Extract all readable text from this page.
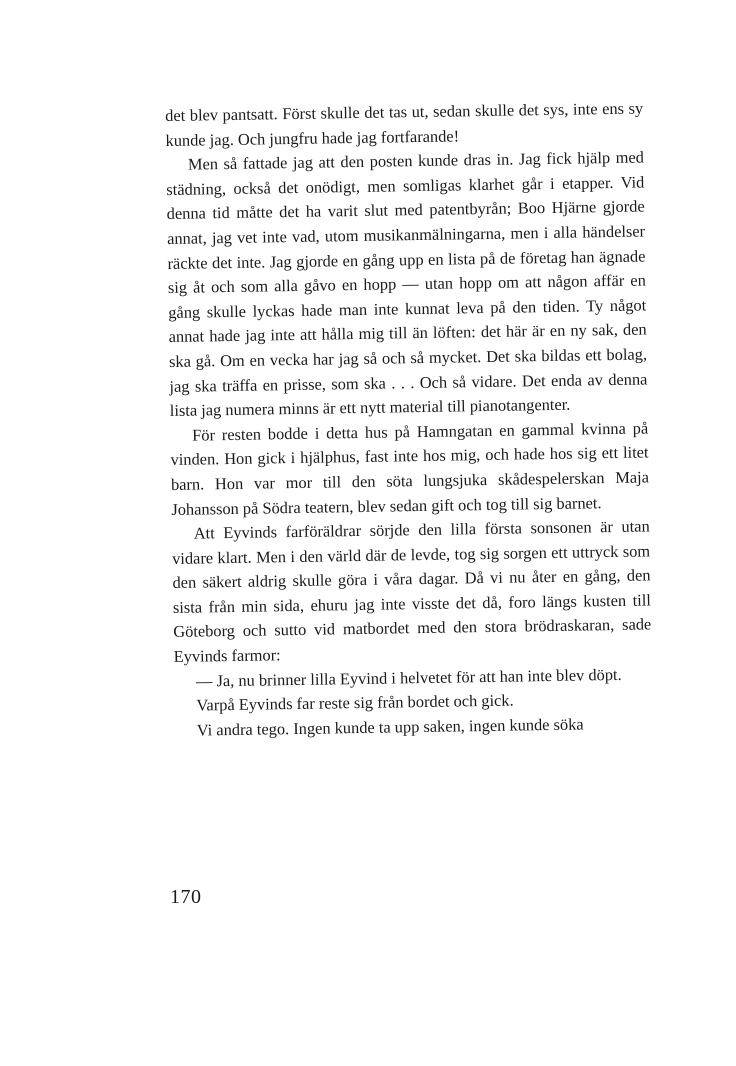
det blev pantsatt. Först skulle det tas ut, sedan skulle det sys, inte ens sy kunde jag. Och jungfru hade jag fortfarande!

Men så fattade jag att den posten kunde dras in. Jag fick hjälp med städning, också det onödigt, men somligas klarhet går i etapper. Vid denna tid måtte det ha varit slut med patentbyrån; Boo Hjärne gjorde annat, jag vet inte vad, utom musikanmälningarna, men i alla händelser räckte det inte. Jag gjorde en gång upp en lista på de företag han ägnade sig åt och som alla gåvo en hopp — utan hopp om att någon affär en gång skulle lyckas hade man inte kunnat leva på den tiden. Ty något annat hade jag inte att hålla mig till än löften: det här är en ny sak, den ska gå. Om en vecka har jag så och så mycket. Det ska bildas ett bolag, jag ska träffa en prisse, som ska . . . Och så vidare. Det enda av denna lista jag numera minns är ett nytt material till pianotangenter.

För resten bodde i detta hus på Hamngatan en gammal kvinna på vinden. Hon gick i hjälphus, fast inte hos mig, och hade hos sig ett litet barn. Hon var mor till den söta lungsjuka skådespelerskan Maja Johansson på Södra teatern, blev sedan gift och tog till sig barnet.

Att Eyvinds farföräldrar sörjde den lilla första sonsonen är utan vidare klart. Men i den värld där de levde, tog sig sorgen ett uttryck som den säkert aldrig skulle göra i våra dagar. Då vi nu åter en gång, den sista från min sida, ehuru jag inte visste det då, foro längs kusten till Göteborg och sutto vid matbordet med den stora brödraskaran, sade Eyvinds farmor:

— Ja, nu brinner lilla Eyvind i helvetet för att han inte blev döpt.

Varpå Eyvinds far reste sig från bordet och gick.

Vi andra tego. Ingen kunde ta upp saken, ingen kunde söka

170
